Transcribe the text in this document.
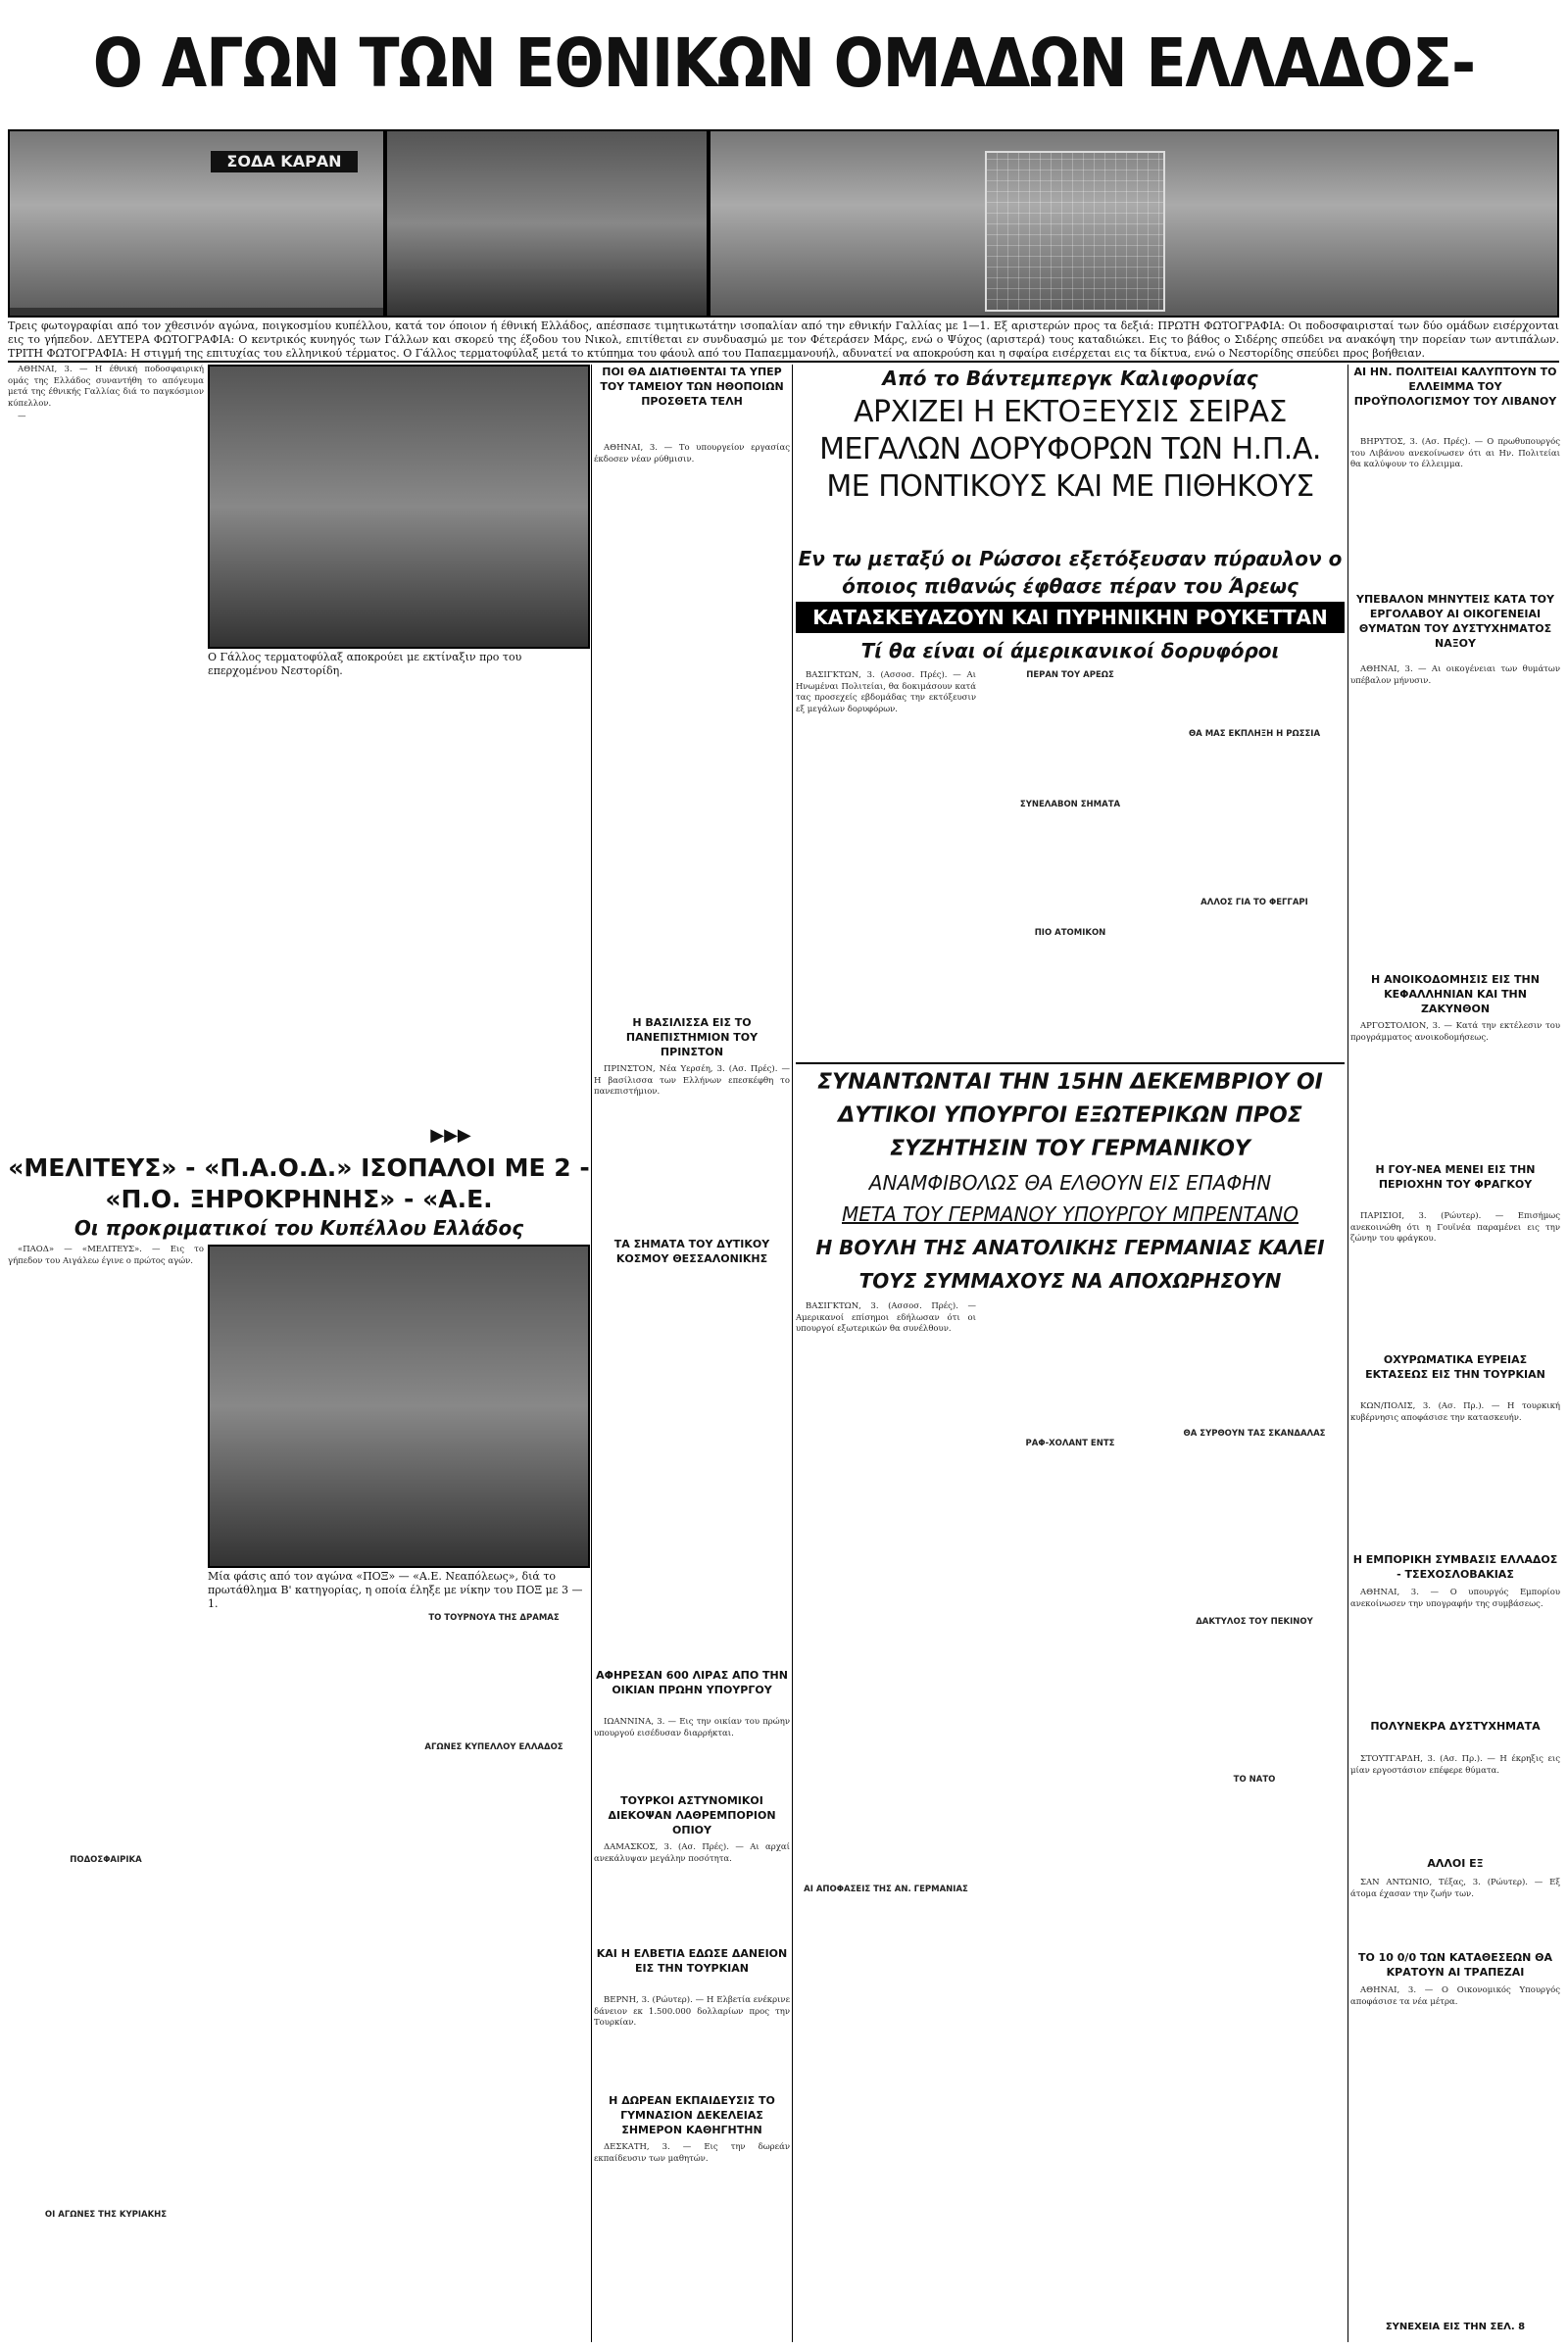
Ο ΑΓΩΝ ΤΩΝ ΕΘΝΙΚΩΝ ΟΜΑΔΩΝ ΕΛΛΑΔΟΣ-
ΣΟΔΑ ΚΑΡΑΝ
Τρεις φωτογραφίαι από τον χθεσινόν αγώνα, ποιγκοσμίου κυπέλλου, κατά τον όποιον ή έθνική Ελλάδος, απέσπασε τιμητικωτάτην ισοπαλίαν από την εθνικήν Γαλλίας με 1—1. Εξ αριστερών προς τα δεξιά: ΠΡΩΤΗ ΦΩΤΟΓΡΑΦΙΑ: Οι ποδοσφαιρισταί των δύο ομάδων εισέρχονται εις το γήπεδον. ΔΕΥΤΕΡΑ ΦΩΤΟΓΡΑΦΙΑ: Ο κεντρικός κυνηγός των Γάλλων και σκορεύ της έξοδου του Νικολ, επιτίθεται εν συνδυασμώ με τον Φέτεράσεν Μάρς, ενώ ο Ψύχος (αριστερά) τους καταδιώκει. Εις το βάθος ο Σιδέρης σπεύδει να ανακόψη την πορείαν των αντιπάλων. ΤΡΙΤΗ ΦΩΤΟΓΡΑΦΙΑ: Η στιγμή της επιτυχίας του ελληνικού τέρματος. Ο Γάλλος τερματοφύλαξ μετά το κτύπημα του φάουλ από του Παπαεμμανουήλ, αδυνατεί να αποκρούση και η σφαίρα εισέρχεται εις τα δίκτυα, ενώ ο Νεστορίδης σπεύδει προς βοήθειαν.

ΑΘΗΝΑΙ, 3. — Η έθνική ποδοσφαιρική ομάς της Ελλάδος συναντήθη το απόγευμα μετά της έθνικής Γαλλίας διά το παγκόσμιον κύπελλον.

—

Ο Γάλλος τερματοφύλαξ αποκρούει με εκτίναξιν προ του επερχομένου Νεστορίδη.
▶▶▶
«ΜΕΛΙΤΕΥΣ» - «Π.Α.Ο.Δ.» ΙΣΟΠΑΛΟΙ ΜΕ 2 -
«Π.Ο. ΞΗΡΟΚΡΗΝΗΣ» - «Α.Ε.
Οι προκριματικοί του Κυπέλλου Ελλάδος

«ΠΑΟΔ» — «ΜΕΛΙΤΕΥΣ». — Εις το γήπεδον του Αιγάλεω έγινε ο πρώτος αγών.

ΠΟΔΟΣΦΑΙΡΙΚΑ

ΟΙ ΑΓΩΝΕΣ ΤΗΣ ΚΥΡΙΑΚΗΣ

Μία φάσις από τον αγώνα «ΠΟΞ» — «Α.Ε. Νεαπόλεως», διά το πρωτάθλημα Β' κατηγορίας, η οποία έληξε με νίκην του ΠΟΞ με 3 — 1.

ΤΟ ΤΟΥΡΝΟΥΑ ΤΗΣ ΔΡΑΜΑΣ

ΑΓΩΝΕΣ ΚΥΠΕΛΛΟΥ ΕΛΛΑΔΟΣ

ΠΟΙ ΘΑ ΔΙΑΤΙΘΕΝΤΑΙ ΤΑ ΥΠΕΡ ΤΟΥ ΤΑΜΕΙΟΥ ΤΩΝ ΗΘΟΠΟΙΩΝ ΠΡΟΣΘΕΤΑ ΤΕΛΗ

ΑΘΗΝΑΙ, 3. — Το υπουργείον εργασίας έκδοσεν νέαν ρύθμισιν.

Η ΒΑΣΙΛΙΣΣΑ ΕΙΣ ΤΟ ΠΑΝΕΠΙΣΤΗΜΙΟΝ ΤΟΥ ΠΡΙΝΣΤΟΝ

ΠΡΙΝΣΤΟΝ, Νέα Υερσέη, 3. (Ασ. Πρές). — Η βασίλισσα των Ελλήνων επεσκέφθη το πανεπιστήμιον.

ΤΑ ΣΗΜΑΤΑ ΤΟΥ ΔΥΤΙΚΟΥ ΚΟΣΜΟΥ ΘΕΣΣΑΛΟΝΙΚΗΣ
ΑΦΗΡΕΣΑΝ 600 ΛΙΡΑΣ ΑΠΟ ΤΗΝ ΟΙΚΙΑΝ ΠΡΩΗΝ ΥΠΟΥΡΓΟΥ

ΙΩΑΝΝΙΝΑ, 3. — Εις την οικίαν του πρώην υπουργού εισέδυσαν διαρρήκται.

ΤΟΥΡΚΟΙ ΑΣΤΥΝΟΜΙΚΟΙ ΔΙΕΚΟΨΑΝ ΛΑΘΡΕΜΠΟΡΙΟΝ ΟΠΙΟΥ

ΔΑΜΑΣΚΟΣ, 3. (Ασ. Πρές). — Αι αρχαί ανεκάλυψαν μεγάλην ποσότητα.

ΚΑΙ Η ΕΛΒΕΤΙΑ ΕΔΩΣΕ ΔΑΝΕΙΟΝ ΕΙΣ ΤΗΝ ΤΟΥΡΚΙΑΝ

ΒΕΡΝΗ, 3. (Ρώυτερ). — Η Ελβετία ενέκρινε δάνειον εκ 1.500.000 δολλαρίων προς την Τουρκίαν.

Η ΔΩΡΕΑΝ ΕΚΠΑΙΔΕΥΣΙΣ ΤΟ ΓΥΜΝΑΣΙΟΝ ΔΕΚΕΛΕΙΑΣ ΣΗΜΕΡΟΝ ΚΑΘΗΓΗΤΗΝ

ΔΕΣΚΑΤΗ, 3. — Εις την δωρεάν εκπαίδευσιν των μαθητών.

Από το Βάντεμπεργκ Καλιφορνίας
ΑΡΧΙΖΕΙ Η ΕΚΤΟΞΕΥΣΙΣ ΣΕΙΡΑΣ ΜΕΓΑΛΩΝ ΔΟΡΥΦΟΡΩΝ ΤΩΝ Η.Π.Α. ΜΕ ΠΟΝΤΙΚΟΥΣ ΚΑΙ ΜΕ ΠΙΘΗΚΟΥΣ
Εν τω μεταξύ οι Ρώσσοι εξετόξευσαν πύραυλον ο όποιος πιθανώς έφθασε πέραν του Άρεως
ΚΑΤΑΣΚΕΥΑΖΟΥΝ ΚΑΙ ΠΥΡΗΝΙΚΗΝ ΡΟΥΚΕΤΤΑΝ
Τί θα είναι οί άμερικανικοί δορυφόροι

ΒΑΣΙΓΚΤΩΝ, 3. (Ασσοσ. Πρές). — Αι Ηνωμέναι Πολιτείαι, θα δοκιμάσουν κατά τας προσεχείς εβδομάδας την εκτόξευσιν εξ μεγάλων δορυφόρων.

ΠΕΡΑΝ ΤΟΥ ΑΡΕΩΣ

ΣΥΝΕΛΑΒΟΝ ΣΗΜΑΤΑ

ΠΙΟ ΑΤΟΜΙΚΟΝ

ΘΑ ΜΑΣ ΕΚΠΛΗΞΗ Η ΡΩΣΣΙΑ

ΑΛΛΟΣ ΓΙΑ ΤΟ ΦΕΓΓΑΡΙ

ΣΥΝΑΝΤΩΝΤΑΙ ΤΗΝ 15ΗΝ ΔΕΚΕΜΒΡΙΟΥ ΟΙ ΔΥΤΙΚΟΙ ΥΠΟΥΡΓΟΙ ΕΞΩΤΕΡΙΚΩΝ ΠΡΟΣ ΣΥΖΗΤΗΣΙΝ ΤΟΥ ΓΕΡΜΑΝΙΚΟΥ
ΑΝΑΜΦΙΒΟΛΩΣ ΘΑ ΕΛΘΟΥΝ ΕΙΣ ΕΠΑΦΗΝ
ΜΕΤΑ ΤΟΥ ΓΕΡΜΑΝΟΥ ΥΠΟΥΡΓΟΥ ΜΠΡΕΝΤΑΝΟ
Η ΒΟΥΛΗ ΤΗΣ ΑΝΑΤΟΛΙΚΗΣ ΓΕΡΜΑΝΙΑΣ ΚΑΛΕΙ ΤΟΥΣ ΣΥΜΜΑΧΟΥΣ ΝΑ ΑΠΟΧΩΡΗΣΟΥΝ

ΒΑΣΙΓΚΤΩΝ, 3. (Ασσοσ. Πρές). — Αμερικανοί επίσημοι εδήλωσαν ότι οι υπουργοί εξωτερικών θα συνέλθουν.

ΑΙ ΑΠΟΦΑΣΕΙΣ ΤΗΣ ΑΝ. ΓΕΡΜΑΝΙΑΣ

ΡΑΦ-ΧΟΛΑΝΤ ΕΝΤΣ

ΘΑ ΣΥΡΘΟΥΝ ΤΑΣ ΣΚΑΝΔΑΛΑΣ

ΔΑΚΤΥΛΟΣ ΤΟΥ ΠΕΚΙΝΟΥ

ΤΟ ΝΑΤΟ

ΑΙ ΗΝ. ΠΟΛΙΤΕΙΑΙ ΚΑΛΥΠΤΟΥΝ ΤΟ ΕΛΛΕΙΜΜΑ ΤΟΥ ΠΡΟΫΠΟΛΟΓΙΣΜΟΥ ΤΟΥ ΛΙΒΑΝΟΥ

ΒΗΡΥΤΟΣ, 3. (Ασ. Πρές). — Ο πρωθυπουργός του Λιβάνου ανεκοίνωσεν ότι αι Ην. Πολιτείαι θα καλύψουν το έλλειμμα.

ΥΠΕΒΑΛΟΝ ΜΗΝΥΤΕΙΣ ΚΑΤΑ ΤΟΥ ΕΡΓΟΛΑΒΟΥ ΑΙ ΟΙΚΟΓΕΝΕΙΑΙ ΘΥΜΑΤΩΝ ΤΟΥ ΔΥΣΤΥΧΗΜΑΤΟΣ ΝΑΞΟΥ

ΑΘΗΝΑΙ, 3. — Αι οικογένειαι των θυμάτων υπέβαλον μήνυσιν.

Η ΑΝΟΙΚΟΔΟΜΗΣΙΣ ΕΙΣ ΤΗΝ ΚΕΦΑΛΛΗΝΙΑΝ ΚΑΙ ΤΗΝ ΖΑΚΥΝΘΟΝ

ΑΡΓΟΣΤΟΛΙΟΝ, 3. — Κατά την εκτέλεσιν του προγράμματος ανοικοδομήσεως.

Η ΓΟΥ-ΝΕΑ ΜΕΝΕΙ ΕΙΣ ΤΗΝ ΠΕΡΙΟΧΗΝ ΤΟΥ ΦΡΑΓΚΟΥ

ΠΑΡΙΣΙΟΙ, 3. (Ρώυτερ). — Επισήμως ανεκοινώθη ότι η Γουϊνέα παραμένει εις την ζώνην του φράγκου.

ΟΧΥΡΩΜΑΤΙΚΑ ΕΥΡΕΙΑΣ ΕΚΤΑΣΕΩΣ ΕΙΣ ΤΗΝ ΤΟΥΡΚΙΑΝ

ΚΩΝ/ΠΟΛΙΣ, 3. (Ασ. Πρ.). — Η τουρκική κυβέρνησις αποφάσισε την κατασκευήν.

Η ΕΜΠΟΡΙΚΗ ΣΥΜΒΑΣΙΣ ΕΛΛΑΔΟΣ - ΤΣΕΧΟΣΛΟΒΑΚΙΑΣ

ΑΘΗΝΑΙ, 3. — Ο υπουργός Εμπορίου ανεκοίνωσεν την υπογραφήν της συμβάσεως.

ΠΟΛΥΝΕΚΡΑ ΔΥΣΤΥΧΗΜΑΤΑ

ΣΤΟΥΤΓΑΡΔΗ, 3. (Ασ. Πρ.). — Η έκρηξις εις μίαν εργοστάσιον επέφερε θύματα.

ΑΛΛΟΙ ΕΞ

ΣΑΝ ΑΝΤΩΝΙΟ, Τέξας, 3. (Ρώυτερ). — Εξ άτομα έχασαν την ζωήν των.

ΤΟ 10 0/0 ΤΩΝ ΚΑΤΑΘΕΣΕΩΝ ΘΑ ΚΡΑΤΟΥΝ ΑΙ ΤΡΑΠΕΖΑΙ

ΑΘΗΝΑΙ, 3. — Ο Οικονομικός Υπουργός αποφάσισε τα νέα μέτρα.

ΣΥΝΕΧΕΙΑ ΕΙΣ ΤΗΝ ΣΕΛ. 8
